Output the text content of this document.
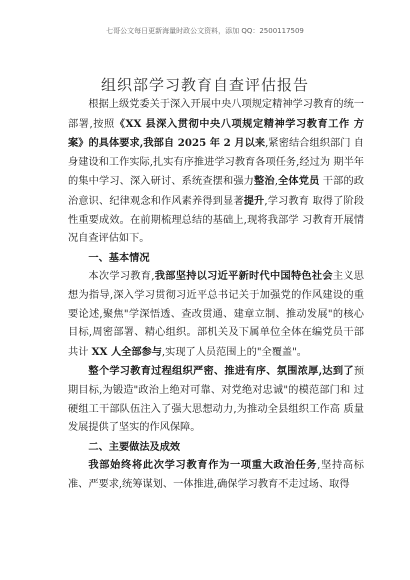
七哥公文每日更新海量时政公文资料，添加 QQ：2500117509
组织部学习教育自查评估报告

根据上级党委关于深入开展中央八项规定精神学习教育的统一部署,按照《XX 县深入贯彻中央八项规定精神学习教育工作 方案》的具体要求,我部自 2025 年 2 月以来,紧密结合组织部门 自身建设和工作实际,扎实有序推进学习教育各项任务,经过为 期半年的集中学习、深入研讨、系统查摆和强力整治,全体党员 干部的政治意识、纪律观念和作风素养得到显著提升,学习教育 取得了阶段性重要成效。在前期梳理总结的基础上,现将我部学 习教育开展情况自查评估如下。

一、基本情况

本次学习教育,我部坚持以习近平新时代中国特色社会主义思想为指导,深入学习贯彻习近平总书记关于加强党的作风建设的重要论述,聚焦"学深悟透、查改贯通、建章立制、推动发展"的核心目标,周密部署、精心组织。部机关及下属单位全体在编党员干部共计 XX 人全部参与,实现了人员范围上的"全覆盖"。

整个学习教育过程组织严密、推进有序、氛围浓厚,达到了预期目标,为锻造"政治上绝对可靠、对党绝对忠诚"的模范部门和 过硬组工干部队伍注入了强大思想动力,为推动全县组织工作高 质量发展提供了坚实的作风保障。

二、主要做法及成效

我部始终将此次学习教育作为一项重大政治任务,坚持高标准、严要求,统筹谋划、一体推进,确保学习教育不走过场、取得
